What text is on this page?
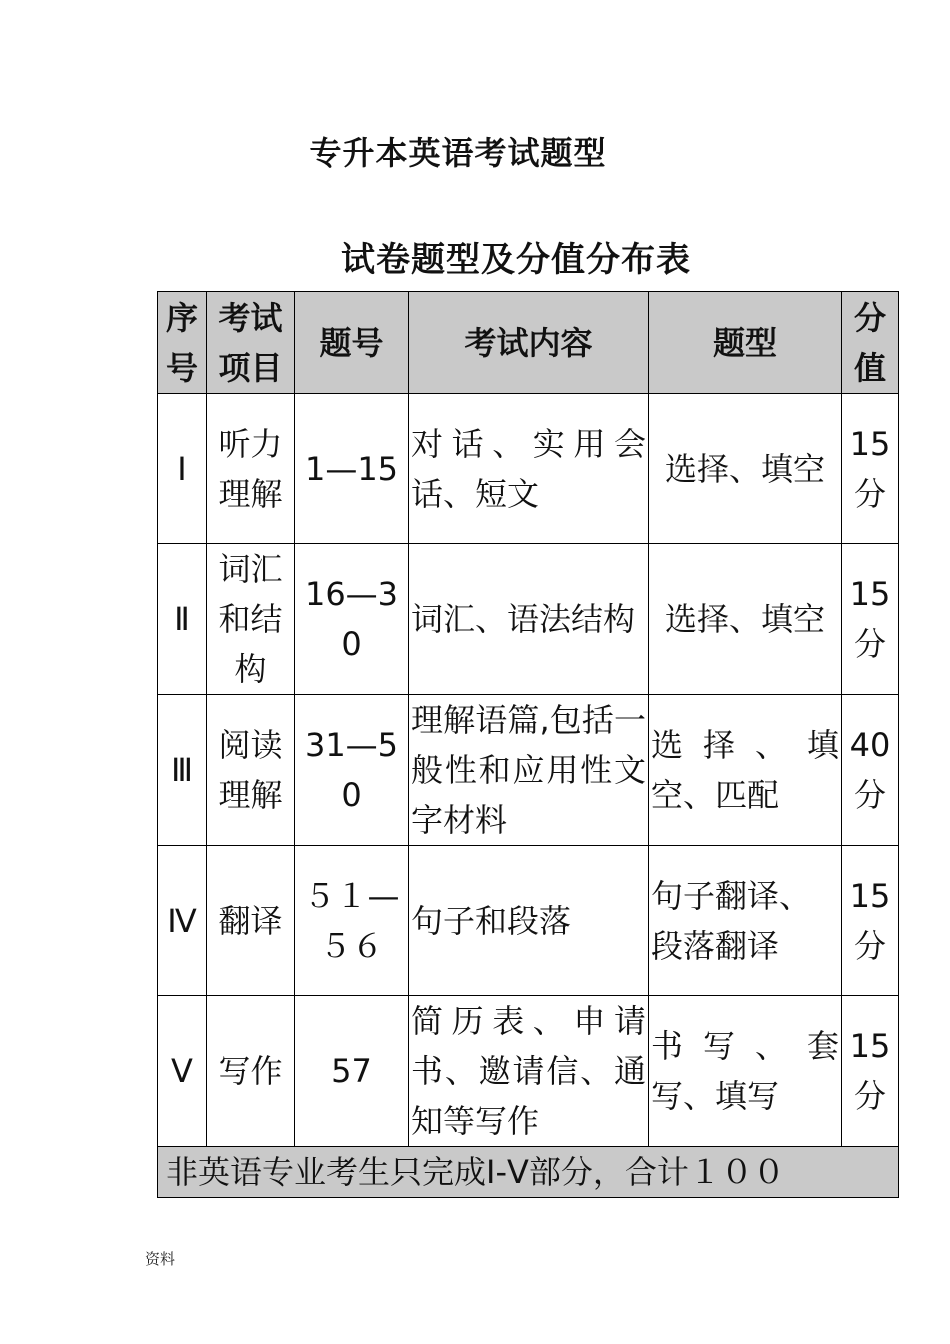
专升本英语考试题型
试卷题型及分值分布表
序号	考试项目	题号	考试内容	题型	分值
Ⅰ	听力理解	1—15	对话、实用会话、短文	选择、填空	15分
Ⅱ	词汇和结构	16—30	词汇、语法结构	选择、填空	15分
Ⅲ	阅读理解	31—50	理解语篇,包括一般性和应用性文字材料	选择、填空、匹配	40分
Ⅳ	翻译	５１—５６	句子和段落	句子翻译、段落翻译	15分
Ⅴ	写作	57	简历表、申请书、邀请信、通知等写作	书写、套写、填写	15分
非英语专业考生只完成Ⅰ-Ⅴ部分，合计１００					
资料
